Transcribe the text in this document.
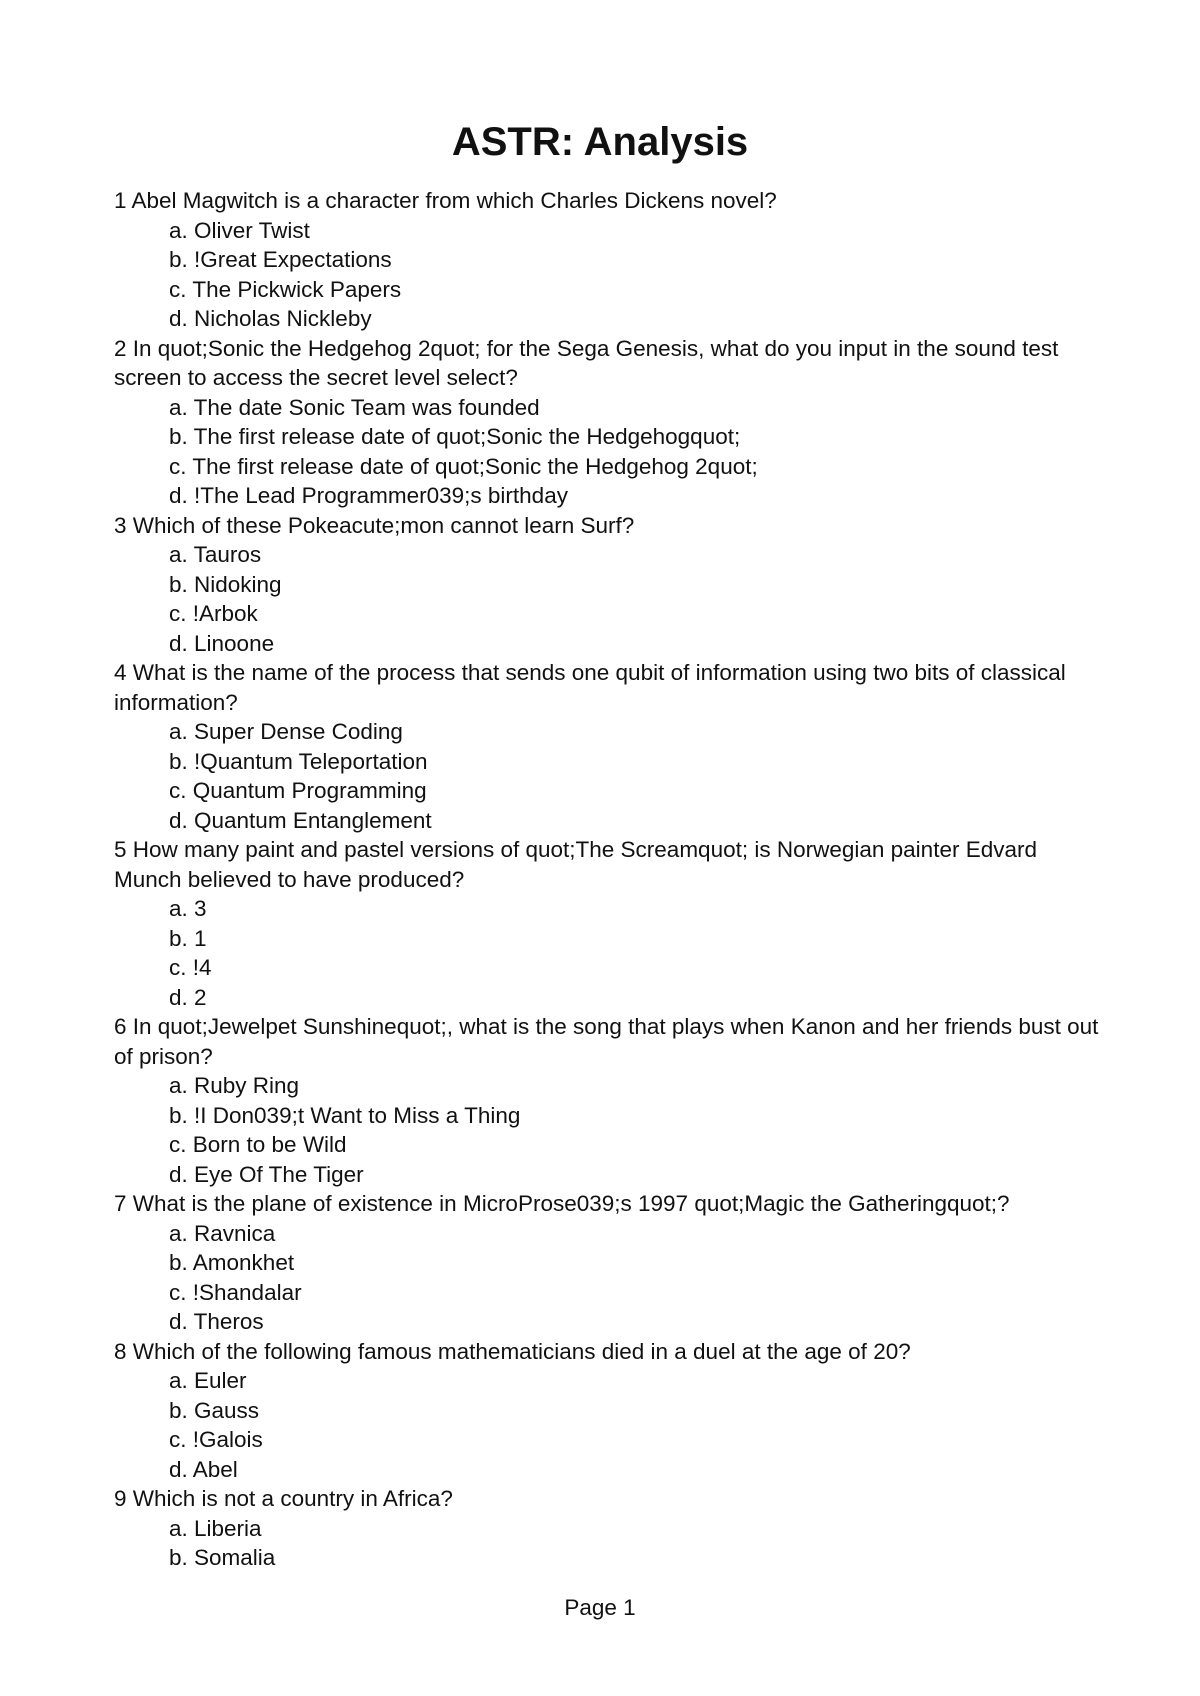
ASTR: Analysis

1 Abel Magwitch is a character from which Charles Dickens novel?

a. Oliver Twist

b. !Great Expectations

c. The Pickwick Papers

d. Nicholas Nickleby

2 In quot;Sonic the Hedgehog 2quot; for the Sega Genesis, what do you input in the sound test screen to access the secret level select?

a. The date Sonic Team was founded

b. The first release date of quot;Sonic the Hedgehogquot;

c. The first release date of quot;Sonic the Hedgehog 2quot;

d. !The Lead Programmer039;s birthday

3 Which of these Pokeacute;mon cannot learn Surf?

a. Tauros

b. Nidoking

c. !Arbok

d. Linoone

4 What is the name of the process that sends one qubit of information using two bits of classical information?

a. Super Dense Coding

b. !Quantum Teleportation

c. Quantum Programming

d. Quantum Entanglement

5 How many paint and pastel versions of quot;The Screamquot; is Norwegian painter Edvard Munch believed to have produced?

a. 3

b. 1

c. !4

d. 2

6 In quot;Jewelpet Sunshinequot;, what is the song that plays when Kanon and her friends bust out of prison?

a. Ruby Ring

b. !I Don039;t Want to Miss a Thing

c. Born to be Wild

d. Eye Of The Tiger

7 What is the plane of existence in MicroProse039;s 1997 quot;Magic the Gatheringquot;?

a. Ravnica

b. Amonkhet

c. !Shandalar

d. Theros

8 Which of the following famous mathematicians died in a duel at the age of 20?

a. Euler

b. Gauss

c. !Galois

d. Abel

9 Which is not a country in Africa?

a. Liberia

b. Somalia

Page 1
